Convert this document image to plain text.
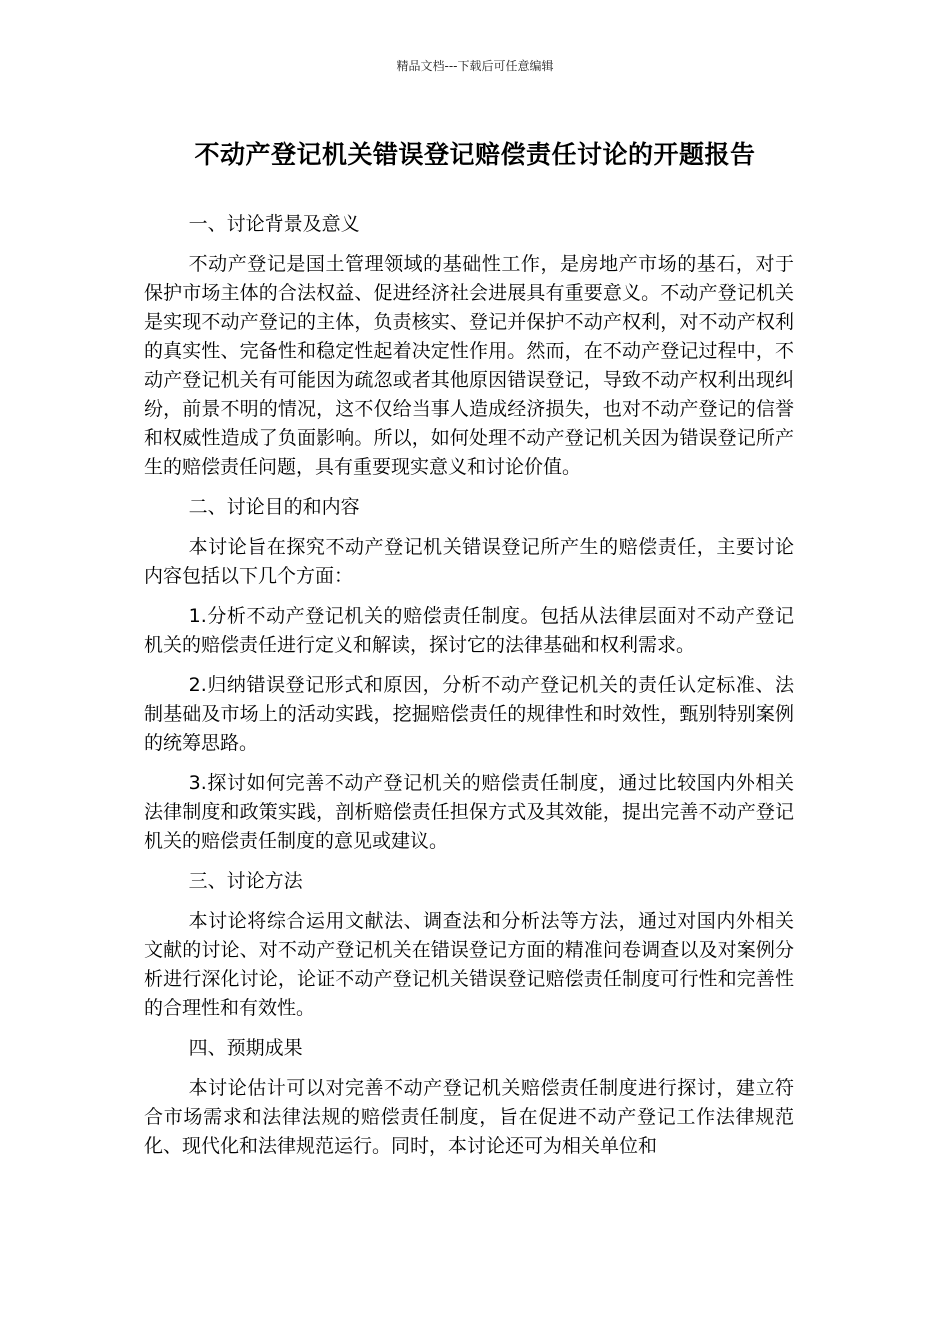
精品文档---下载后可任意编辑
不动产登记机关错误登记赔偿责任讨论的开题报告

一、讨论背景及意义

不动产登记是国土管理领域的基础性工作，是房地产市场的基石，对于保护市场主体的合法权益、促进经济社会进展具有重要意义。不动产登记机关是实现不动产登记的主体，负责核实、登记并保护不动产权利，对不动产权利的真实性、完备性和稳定性起着决定性作用。然而，在不动产登记过程中，不动产登记机关有可能因为疏忽或者其他原因错误登记，导致不动产权利出现纠纷，前景不明的情况，这不仅给当事人造成经济损失，也对不动产登记的信誉和权威性造成了负面影响。所以，如何处理不动产登记机关因为错误登记所产生的赔偿责任问题，具有重要现实意义和讨论价值。

二、讨论目的和内容

本讨论旨在探究不动产登记机关错误登记所产生的赔偿责任，主要讨论内容包括以下几个方面：

1.分析不动产登记机关的赔偿责任制度。包括从法律层面对不动产登记机关的赔偿责任进行定义和解读，探讨它的法律基础和权利需求。

2.归纳错误登记形式和原因，分析不动产登记机关的责任认定标准、法制基础及市场上的活动实践，挖掘赔偿责任的规律性和时效性，甄别特别案例的统筹思路。

3.探讨如何完善不动产登记机关的赔偿责任制度，通过比较国内外相关法律制度和政策实践，剖析赔偿责任担保方式及其效能，提出完善不动产登记机关的赔偿责任制度的意见或建议。

三、讨论方法

本讨论将综合运用文献法、调查法和分析法等方法，通过对国内外相关文献的讨论、对不动产登记机关在错误登记方面的精准问卷调查以及对案例分析进行深化讨论，论证不动产登记机关错误登记赔偿责任制度可行性和完善性的合理性和有效性。

四、预期成果

本讨论估计可以对完善不动产登记机关赔偿责任制度进行探讨，建立符合市场需求和法律法规的赔偿责任制度，旨在促进不动产登记工作法律规范化、现代化和法律规范运行。同时，本讨论还可为相关单位和
